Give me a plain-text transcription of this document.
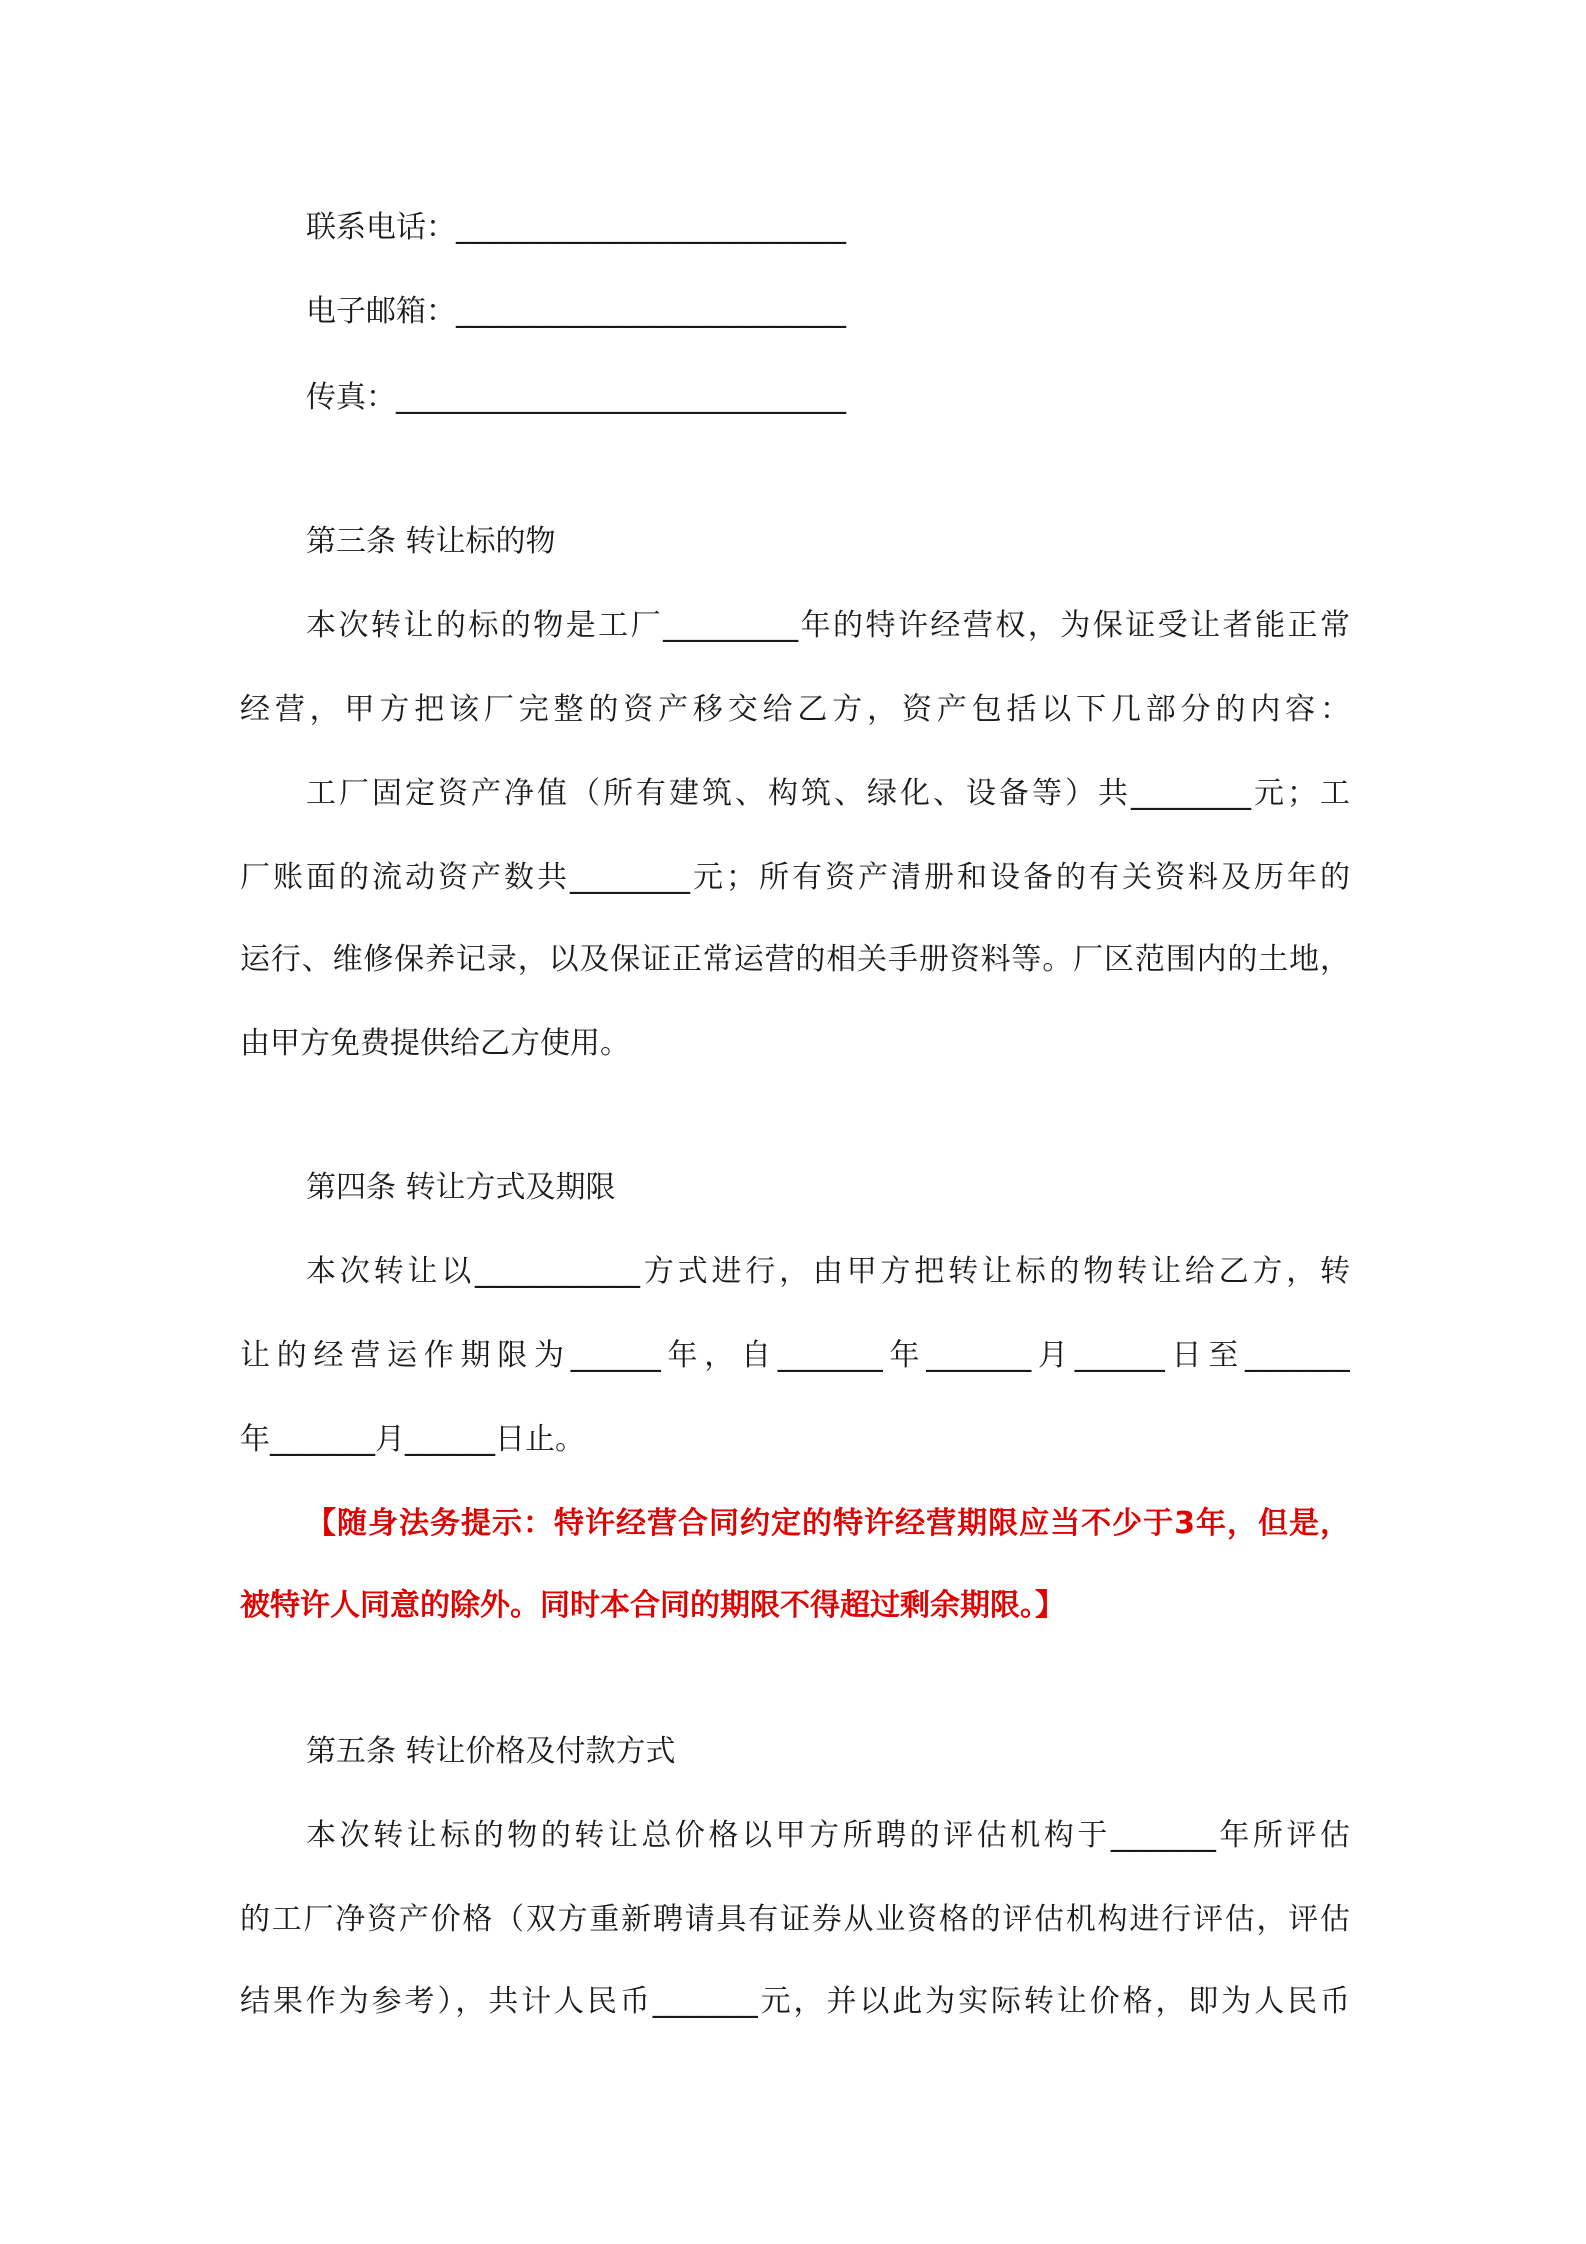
联系电话：__________________________
电子邮箱：__________________________
传真：______________________________
第三条 转让标的物
本次转让的标的物是工厂_________年的特许经营权，为保证受让者能正常
经营，甲方把该厂完整的资产移交给乙方，资产包括以下几部分的内容：
工厂固定资产净值（所有建筑、构筑、绿化、设备等）共________元；工
厂账面的流动资产数共________元；所有资产清册和设备的有关资料及历年的
运行、维修保养记录，以及保证正常运营的相关手册资料等。厂区范围内的土地，
由甲方免费提供给乙方使用。
第四条 转让方式及期限
本次转让以___________方式进行，由甲方把转让标的物转让给乙方，转
让的经营运作期限为______年，自_______年_______月______日至_______
年_______月______日止。
【随身法务提示：特许经营合同约定的特许经营期限应当不少于3年，但是，
被特许人同意的除外。同时本合同的期限不得超过剩余期限。】
第五条 转让价格及付款方式
本次转让标的物的转让总价格以甲方所聘的评估机构于_______年所评估
的工厂净资产价格（双方重新聘请具有证券从业资格的评估机构进行评估，评估
结果作为参考），共计人民币_______元，并以此为实际转让价格，即为人民币
